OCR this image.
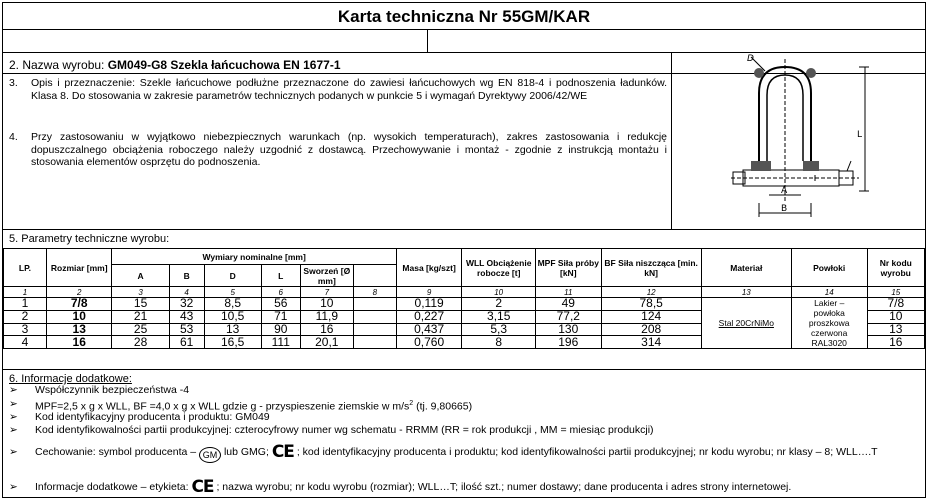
Karta techniczna Nr 55GM/KAR
2. Nazwa wyrobu: GM049-G8 Szekla łańcuchowa EN 1677-1
3. Opis i przeznaczenie: Szekle łańcuchowe podłużne przeznaczone do zawiesi łańcuchowych wg EN 818-4 i podnoszenia ładunków. Klasa 8. Do stosowania w zakresie parametrów technicznych podanych w punkcie 5 i wymagań Dyrektywy 2006/42/WE
4. Przy zastosowaniu w wyjątkowo niebezpiecznych warunkach (np. wysokich temperaturach), zakres zastosowania i redukcję dopuszczalnego obciążenia roboczego należy uzgodnić z dostawcą. Przechowywanie i montaż - zgodnie z instrukcją montażu i stosowania elementów osprzętu do podnoszenia.
D
L
A
B
5. Parametry techniczne wyrobu:
LP.	Rozmiar [mm]	Wymiary nominalne [mm]						Masa [kg/szt]	WLL Obciążenie robocze [t]	MPF Siła próby [kN]	BF Siła niszcząca [min. kN]	Materiał	Powłoki	Nr kodu wyrobu
		A	B	D	L	Sworzeń [Ø mm]								
1	2	3	4	5	6	7	8	9	10	11	12	13	14	15
1	7/8	15	32	8,5	56	10		0,119	2	49	78,5	Stal 20CrNiMo	Lakier – powłoka proszkowa czerwona RAL3020	7/8
2	10	21	43	10,5	71	11,9		0,227	3,15	77,2	124			10
3	13	25	53	13	90	16		0,437	5,3	130	208			13
4	16	28	61	16,5	111	20,1		0,760	8	196	314			16
6. Informacje dodatkowe:
➢ Współczynnik bezpieczeństwa -4
➢ MPF=2,5 x g x WLL, BF =4,0 x g x WLL gdzie g - przyspieszenie ziemskie w $m/s^2$ (tj. 9,80665)
➢ Kod identyfikacyjny producenta i produktu: GM049
➢ Kod identyfikowalności partii produkcyjnej: czterocyfrowy numer wg schematu - RRMM (RR = rok produkcji , MM = miesiąc produkcji)
➢ Cechowanie: symbol producenta – GM lub GMG; CE ; kod identyfikacyjny producenta i produktu; kod identyfikowalności partii produkcyjnej; nr kodu wyrobu; nr klasy – 8; WLL….T
➢ Informacje dodatkowe – etykieta: CE ; nazwa wyrobu; nr kodu wyrobu (rozmiar); WLL…T; ilość szt.; numer dostawy; dane producenta i adres strony internetowej.
